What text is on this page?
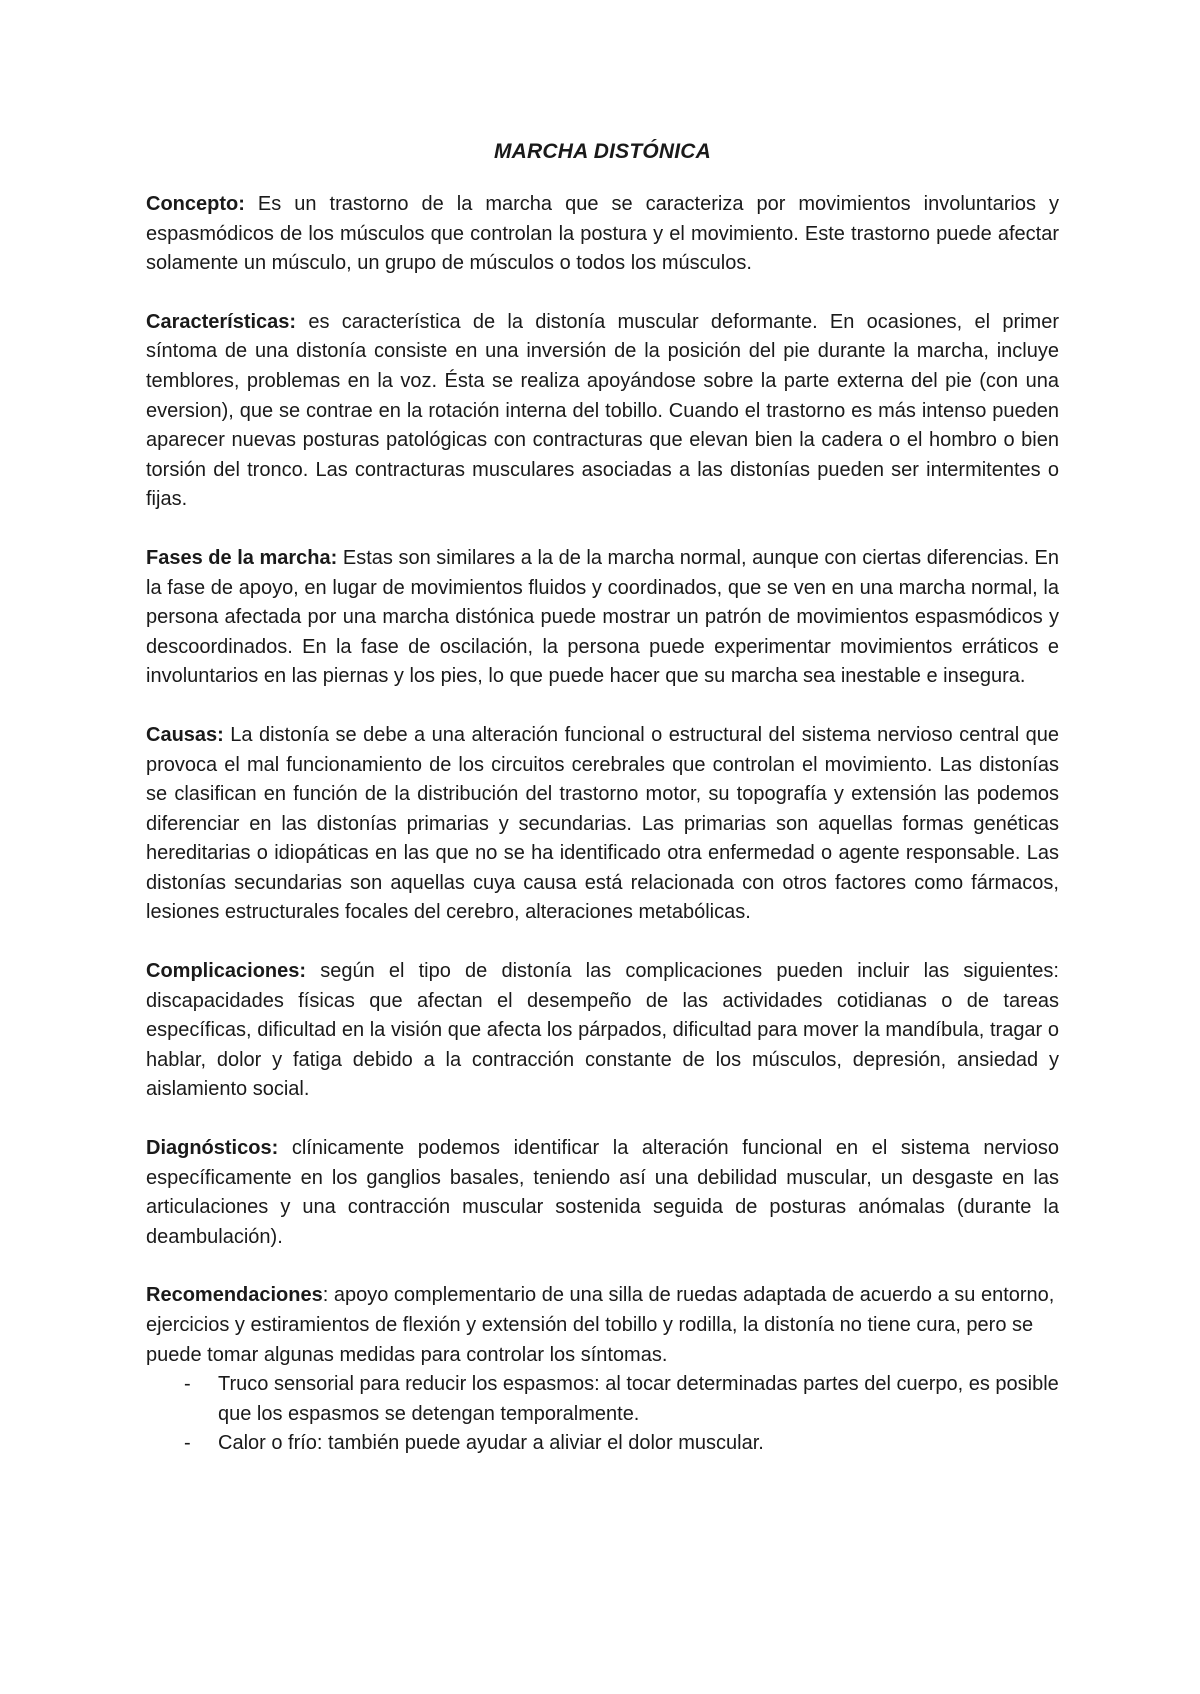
MARCHA DISTÓNICA

Concepto: Es un trastorno de la marcha que se caracteriza por movimientos involuntarios y espasmódicos de los músculos que controlan la postura y el movimiento. Este trastorno puede afectar solamente un músculo, un grupo de músculos o todos los músculos.

Características: es característica de la distonía muscular deformante. En ocasiones, el primer síntoma de una distonía consiste en una inversión de la posición del pie durante la marcha, incluye temblores, problemas en la voz. Ésta se realiza apoyándose sobre la parte externa del pie (con una eversion), que se contrae en la rotación interna del tobillo. Cuando el trastorno es más intenso pueden aparecer nuevas posturas patológicas con contracturas que elevan bien la cadera o el hombro o bien torsión del tronco. Las contracturas musculares asociadas a las distonías pueden ser intermitentes o fijas.

Fases de la marcha: Estas son similares a la de la marcha normal, aunque con ciertas diferencias. En la fase de apoyo, en lugar de movimientos fluidos y coordinados, que se ven en una marcha normal, la persona afectada por una marcha distónica puede mostrar un patrón de movimientos espasmódicos y descoordinados. En la fase de oscilación, la persona puede experimentar movimientos erráticos e involuntarios en las piernas y los pies, lo que puede hacer que su marcha sea inestable e insegura.

Causas: La distonía se debe a una alteración funcional o estructural del sistema nervioso central que provoca el mal funcionamiento de los circuitos cerebrales que controlan el movimiento. Las distonías se clasifican en función de la distribución del trastorno motor, su topografía y extensión las podemos diferenciar en las distonías primarias y secundarias. Las primarias son aquellas formas genéticas hereditarias o idiopáticas en las que no se ha identificado otra enfermedad o agente responsable. Las distonías secundarias son aquellas cuya causa está relacionada con otros factores como fármacos, lesiones estructurales focales del cerebro, alteraciones metabólicas.

Complicaciones: según el tipo de distonía las complicaciones pueden incluir las siguientes: discapacidades físicas que afectan el desempeño de las actividades cotidianas o de tareas específicas, dificultad en la visión que afecta los párpados, dificultad para mover la mandíbula, tragar o hablar, dolor y fatiga debido a la contracción constante de los músculos, depresión, ansiedad y aislamiento social.

Diagnósticos: clínicamente podemos identificar la alteración funcional en el sistema nervioso específicamente en los ganglios basales, teniendo así una debilidad muscular, un desgaste en las articulaciones y una contracción muscular sostenida seguida de posturas anómalas (durante la deambulación).

Recomendaciones: apoyo complementario de una silla de ruedas adaptada de acuerdo a su entorno, ejercicios y estiramientos de flexión y extensión del tobillo y rodilla, la distonía no tiene cura, pero se puede tomar algunas medidas para controlar los síntomas.

- Truco sensorial para reducir los espasmos: al tocar determinadas partes del cuerpo, es posible que los espasmos se detengan temporalmente.
- Calor o frío: también puede ayudar a aliviar el dolor muscular.
